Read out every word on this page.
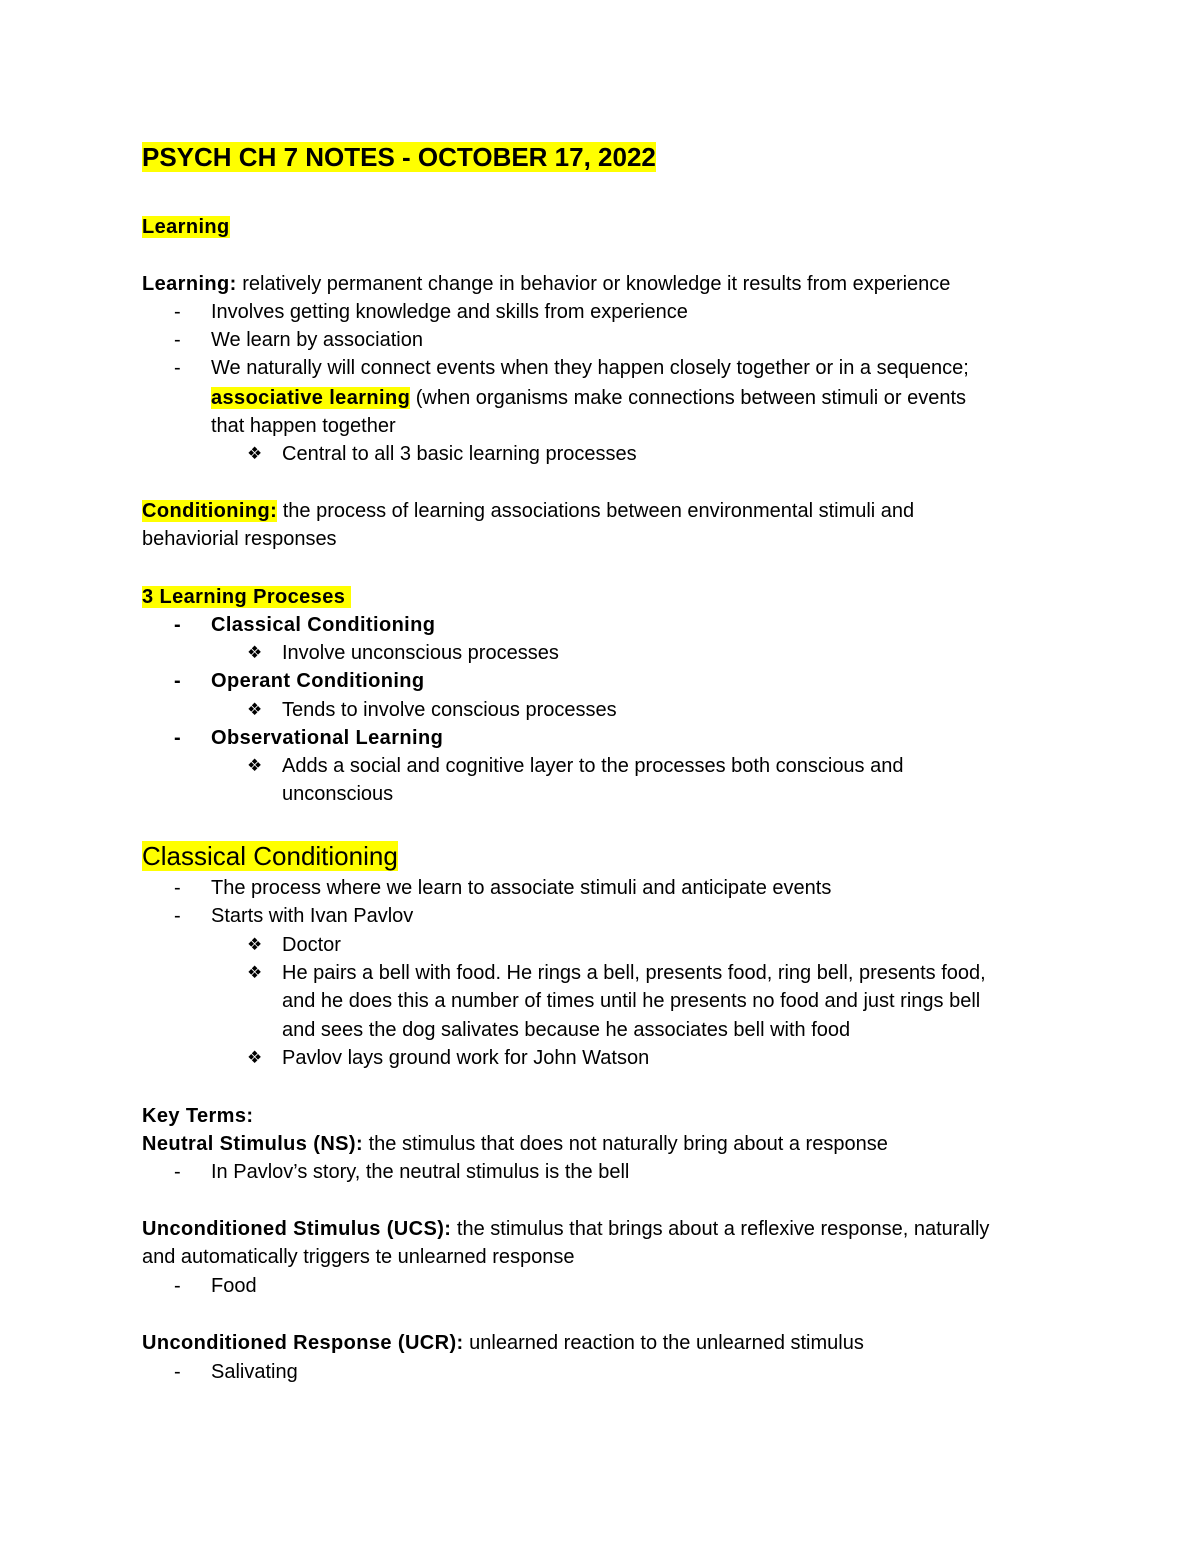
PSYCH CH 7 NOTES - OCTOBER 17, 2022
Learning
Learning: relatively permanent change in behavior or knowledge it results from experience
- Involves getting knowledge and skills from experience
- We learn by association
- We naturally will connect events when they happen closely together or in a sequence;
associative learning (when organisms make connections between stimuli or events
that happen together
❖ Central to all 3 basic learning processes
Conditioning: the process of learning associations between environmental stimuli and
behaviorial responses
3 Learning Proceses
- Classical Conditioning
❖ Involve unconscious processes
- Operant Conditioning
❖ Tends to involve conscious processes
- Observational Learning
❖ Adds a social and cognitive layer to the processes both conscious and
unconscious
Classical Conditioning
- The process where we learn to associate stimuli and anticipate events
- Starts with Ivan Pavlov
❖ Doctor
❖ He pairs a bell with food. He rings a bell, presents food, ring bell, presents food,
and he does this a number of times until he presents no food and just rings bell
and sees the dog salivates because he associates bell with food
❖ Pavlov lays ground work for John Watson
Key Terms:
Neutral Stimulus (NS): the stimulus that does not naturally bring about a response
- In Pavlov’s story, the neutral stimulus is the bell
Unconditioned Stimulus (UCS): the stimulus that brings about a reflexive response, naturally
and automatically triggers te unlearned response
- Food
Unconditioned Response (UCR): unlearned reaction to the unlearned stimulus
- Salivating
